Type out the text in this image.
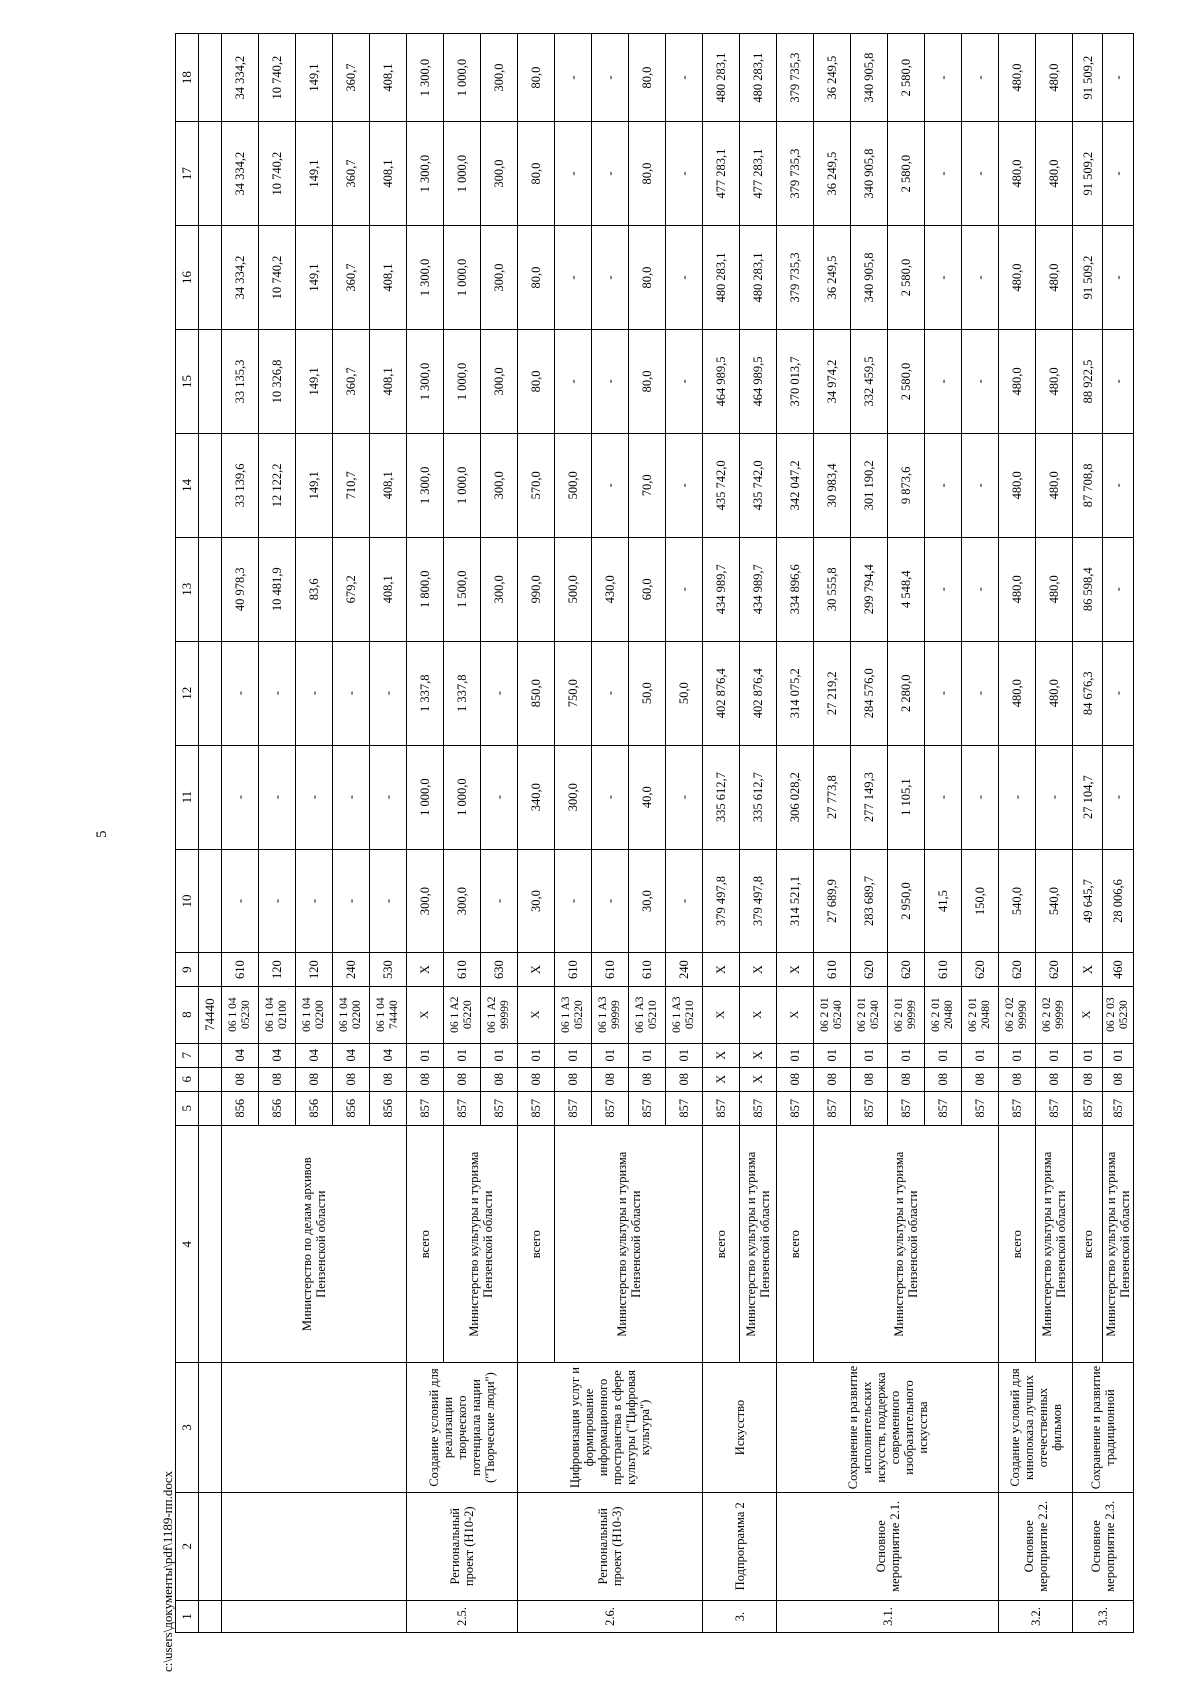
5
1	2	3	4	5	6	7	8	9	10	11	12	13	14	15	16	17	18
							74440										
			Министерство по делам архивов Пензенской области	856	08	04	06 1 04 05230	610	-	-	-	40 978,3	33 139,6	33 135,3	34 334,2	34 334,2	34 334,2
				856	08	04	06 1 04 02100	120	-	-	-	10 481,9	12 122,2	10 326,8	10 740,2	10 740,2	10 740,2
				856	08	04	06 1 04 02200	120	-	-	-	83,6	149,1	149,1	149,1	149,1	149,1
				856	08	04	06 1 04 02200	240	-	-	-	679,2	710,7	360,7	360,7	360,7	360,7
				856	08	04	06 1 04 74440	530	-	-	-	408,1	408,1	408,1	408,1	408,1	408,1
2.5.	Региональный проект (Н10-2)	Создание условий для реализации творческого потенциала нации ("Творческие люди")	всего	857	08	01	X	X	300,0	1 000,0	1 337,8	1 800,0	1 300,0	1 300,0	1 300,0	1 300,0	1 300,0
			Министерство культуры и туризма Пензенской области	857	08	01	06 1 A2 05220	610	300,0	1 000,0	1 337,8	1 500,0	1 000,0	1 000,0	1 000,0	1 000,0	1 000,0
				857	08	01	06 1 A2 99999	630	-	-	-	300,0	300,0	300,0	300,0	300,0	300,0
2.6.	Региональный проект (Н10-3)	Цифровизация услуг и формирование информационного пространства в сфере культуры ("Цифровая культура")	всего	857	08	01	X	X	30,0	340,0	850,0	990,0	570,0	80,0	80,0	80,0	80,0
			Министерство культуры и туризма Пензенской области	857	08	01	06 1 A3 05220	610	-	300,0	750,0	500,0	500,0	-	-	-	-
				857	08	01	06 1 A3 99999	610	-	-	-	430,0	-	-	-	-	-
				857	08	01	06 1 A3 05210	610	30,0	40,0	50,0	60,0	70,0	80,0	80,0	80,0	80,0
				857	08	01	06 1 A3 05210	240	-	-	50,0	-	-	-	-	-	-
3.	Подпрограмма 2	Искусство	всего	857	X	X	X	X	379 497,8	335 612,7	402 876,4	434 989,7	435 742,0	464 989,5	480 283,1	477 283,1	480 283,1
			Министерство культуры и туризма Пензенской области	857	X	X	X	X	379 497,8	335 612,7	402 876,4	434 989,7	435 742,0	464 989,5	480 283,1	477 283,1	480 283,1
3.1.	Основное мероприятие 2.1.	Сохранение и развитие исполнительских искусств, поддержка современного изобразительного искусства	всего	857	08	01	X	X	314 521,1	306 028,2	314 075,2	334 896,6	342 047,2	370 013,7	379 735,3	379 735,3	379 735,3
			Министерство культуры и туризма Пензенской области	857	08	01	06 2 01 05240	610	27 689,9	27 773,8	27 219,2	30 555,8	30 983,4	34 974,2	36 249,5	36 249,5	36 249,5
				857	08	01	06 2 01 05240	620	283 689,7	277 149,3	284 576,0	299 794,4	301 190,2	332 459,5	340 905,8	340 905,8	340 905,8
				857	08	01	06 2 01 99999	620	2 950,0	1 105,1	2 280,0	4 548,4	9 873,6	2 580,0	2 580,0	2 580,0	2 580,0
				857	08	01	06 2 01 20480	610	41,5	-	-	-	-	-	-	-	-
				857	08	01	06 2 01 20480	620	150,0	-	-	-	-	-	-	-	-
3.2.	Основное мероприятие 2.2.	Создание условий для кинопоказа лучших отечественных фильмов	всего	857	08	01	06 2 02 99990	620	540,0	-	480,0	480,0	480,0	480,0	480,0	480,0	480,0
			Министерство культуры и туризма Пензенской области	857	08	01	06 2 02 99999	620	540,0	-	480,0	480,0	480,0	480,0	480,0	480,0	480,0
3.3.	Основное мероприятие 2.3.	Сохранение и развитие традиционной	всего	857	08	01	X	X	49 645,7	27 104,7	84 676,3	86 598,4	87 708,8	88 922,5	91 509,2	91 509,2	91 509,2
			Министерство культуры и туризма Пензенской области	857	08	01	06 2 03 05230	460	28 006,6	-	-	-	-	-	-	-	-
c:\users\документы\pdf\1189-пп.docx
